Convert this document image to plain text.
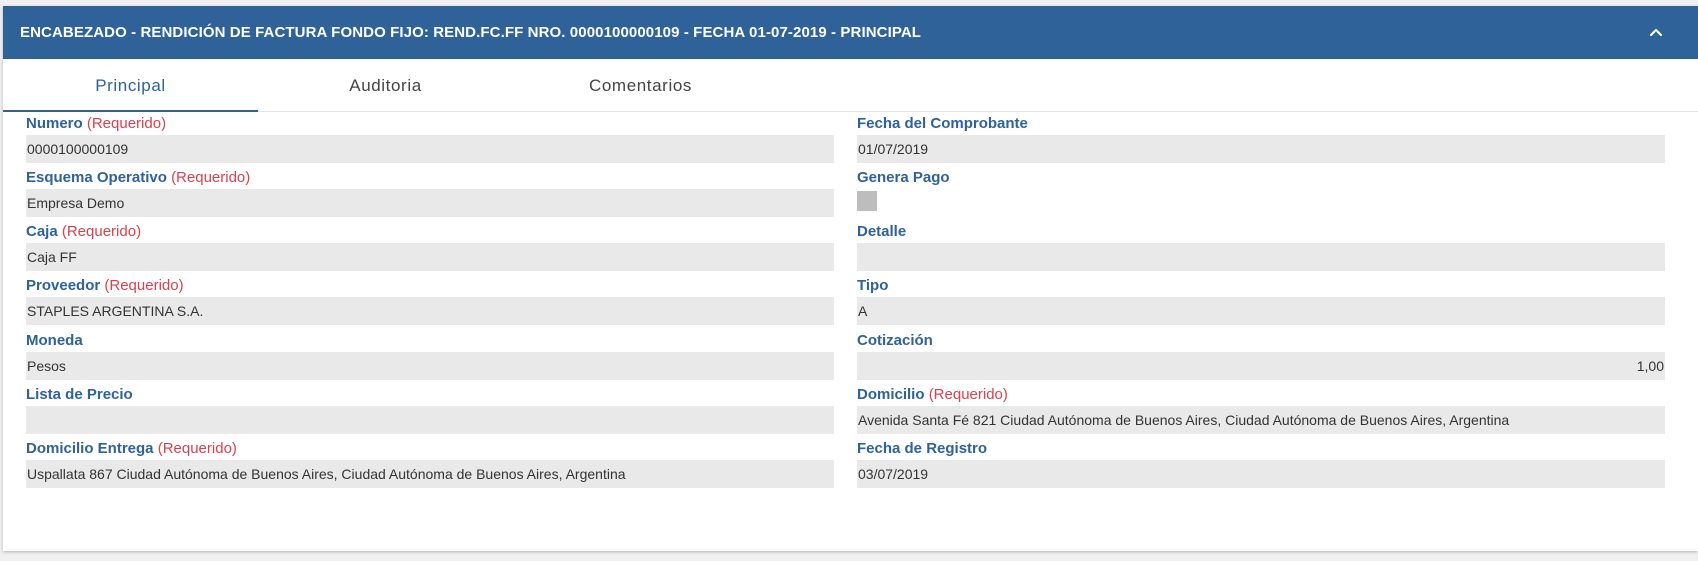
ENCABEZADO - RENDICIÓN DE FACTURA FONDO FIJO: REND.FC.FF NRO. 0000100000109 - FECHA 01-07-2019 - PRINCIPAL
Principal	Auditoria	Comentarios
Numero (Requerido)
0000100000109
Esquema Operativo (Requerido)
Empresa Demo
Caja (Requerido)
Caja FF
Proveedor (Requerido)
STAPLES ARGENTINA S.A.
Moneda
Pesos
Lista de Precio
Domicilio Entrega (Requerido)
Uspallata 867 Ciudad Autónoma de Buenos Aires, Ciudad Autónoma de Buenos Aires, Argentina
Fecha del Comprobante
01/07/2019
Genera Pago
Detalle
Tipo
A
Cotización
1,00
Domicilio (Requerido)
Avenida Santa Fé 821 Ciudad Autónoma de Buenos Aires, Ciudad Autónoma de Buenos Aires, Argentina
Fecha de Registro
03/07/2019
